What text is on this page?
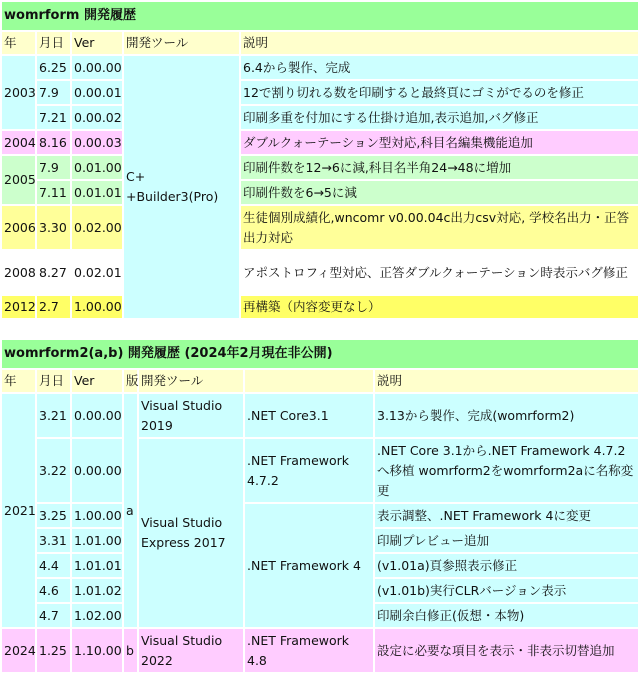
womrform 開発履歴				
年	月日	Ver	開発ツール	説明
2003	6.25	0.00.00	C+ +Builder3(Pro)	6.4から製作、完成
	7.9	0.00.01		12で割り切れる数を印刷すると最終頁にゴミがでるのを修正
	7.21	0.00.02		印刷多重を付加にする仕掛け追加,表示追加,バグ修正
2004	8.16	0.00.03		ダブルクォーテーション型対応,科目名編集機能追加
2005	7.9	0.01.00		印刷件数を12→6に減,科目名半角24→48に増加
	7.11	0.01.01		印刷件数を6→5に減
2006	3.30	0.02.00		生徒個別成績化,wncomr v0.00.04c出力csv対応, 学校名出力・正答出力対応
2008	8.27	0.02.01		アポストロフィ型対応、正答ダブルクォーテーション時表示バグ修正
2012	2.7	1.00.00		再構築（内容変更なし）
womrform2(a,b) 開発履歴 (2024年2月現在非公開)						
年	月日	Ver	版	開発ツール		説明
2021	3.21	0.00.00	a	Visual Studio 2019	.NET Core3.1	3.13から製作、完成(womrform2)
	3.22	0.00.00		Visual Studio Express 2017	.NET Framework 4.7.2	.NET Core 3.1から.NET Framework 4.7.2へ移植 womrform2をwomrform2aに名称変更
	3.25	1.00.00			.NET Framework 4	表示調整、.NET Framework 4に変更
	3.31	1.01.00				印刷プレビュー追加
	4.4	1.01.01				(v1.01a)頁参照表示修正
	4.6	1.01.02				(v1.01b)実行CLRバージョン表示
	4.7	1.02.00				印刷余白修正(仮想・本物)
2024	1.25	1.10.00	b	Visual Studio 2022	.NET Framework 4.8	設定に必要な項目を表示・非表示切替追加
